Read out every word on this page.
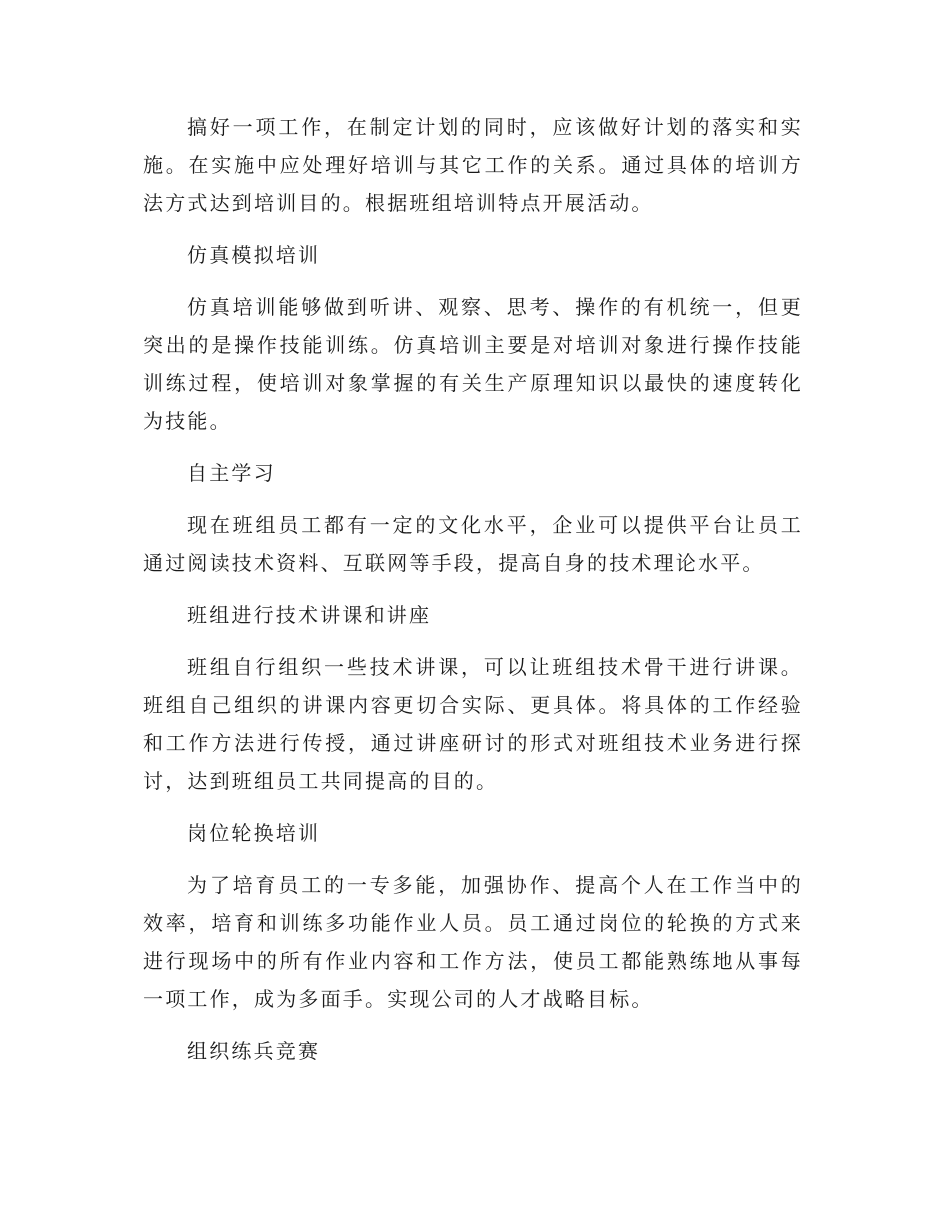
搞好一项工作，在制定计划的同时，应该做好计划的落实和实施。在实施中应处理好培训与其它工作的关系。通过具体的培训方法方式达到培训目的。根据班组培训特点开展活动。

仿真模拟培训

仿真培训能够做到听讲、观察、思考、操作的有机统一，但更突出的是操作技能训练。仿真培训主要是对培训对象进行操作技能训练过程，使培训对象掌握的有关生产原理知识以最快的速度转化为技能。

自主学习

现在班组员工都有一定的文化水平，企业可以提供平台让员工通过阅读技术资料、互联网等手段，提高自身的技术理论水平。

班组进行技术讲课和讲座

班组自行组织一些技术讲课，可以让班组技术骨干进行讲课。班组自己组织的讲课内容更切合实际、更具体。将具体的工作经验和工作方法进行传授，通过讲座研讨的形式对班组技术业务进行探讨，达到班组员工共同提高的目的。

岗位轮换培训

为了培育员工的一专多能，加强协作、提高个人在工作当中的效率，培育和训练多功能作业人员。员工通过岗位的轮换的方式来进行现场中的所有作业内容和工作方法，使员工都能熟练地从事每一项工作，成为多面手。实现公司的人才战略目标。

组织练兵竞赛
